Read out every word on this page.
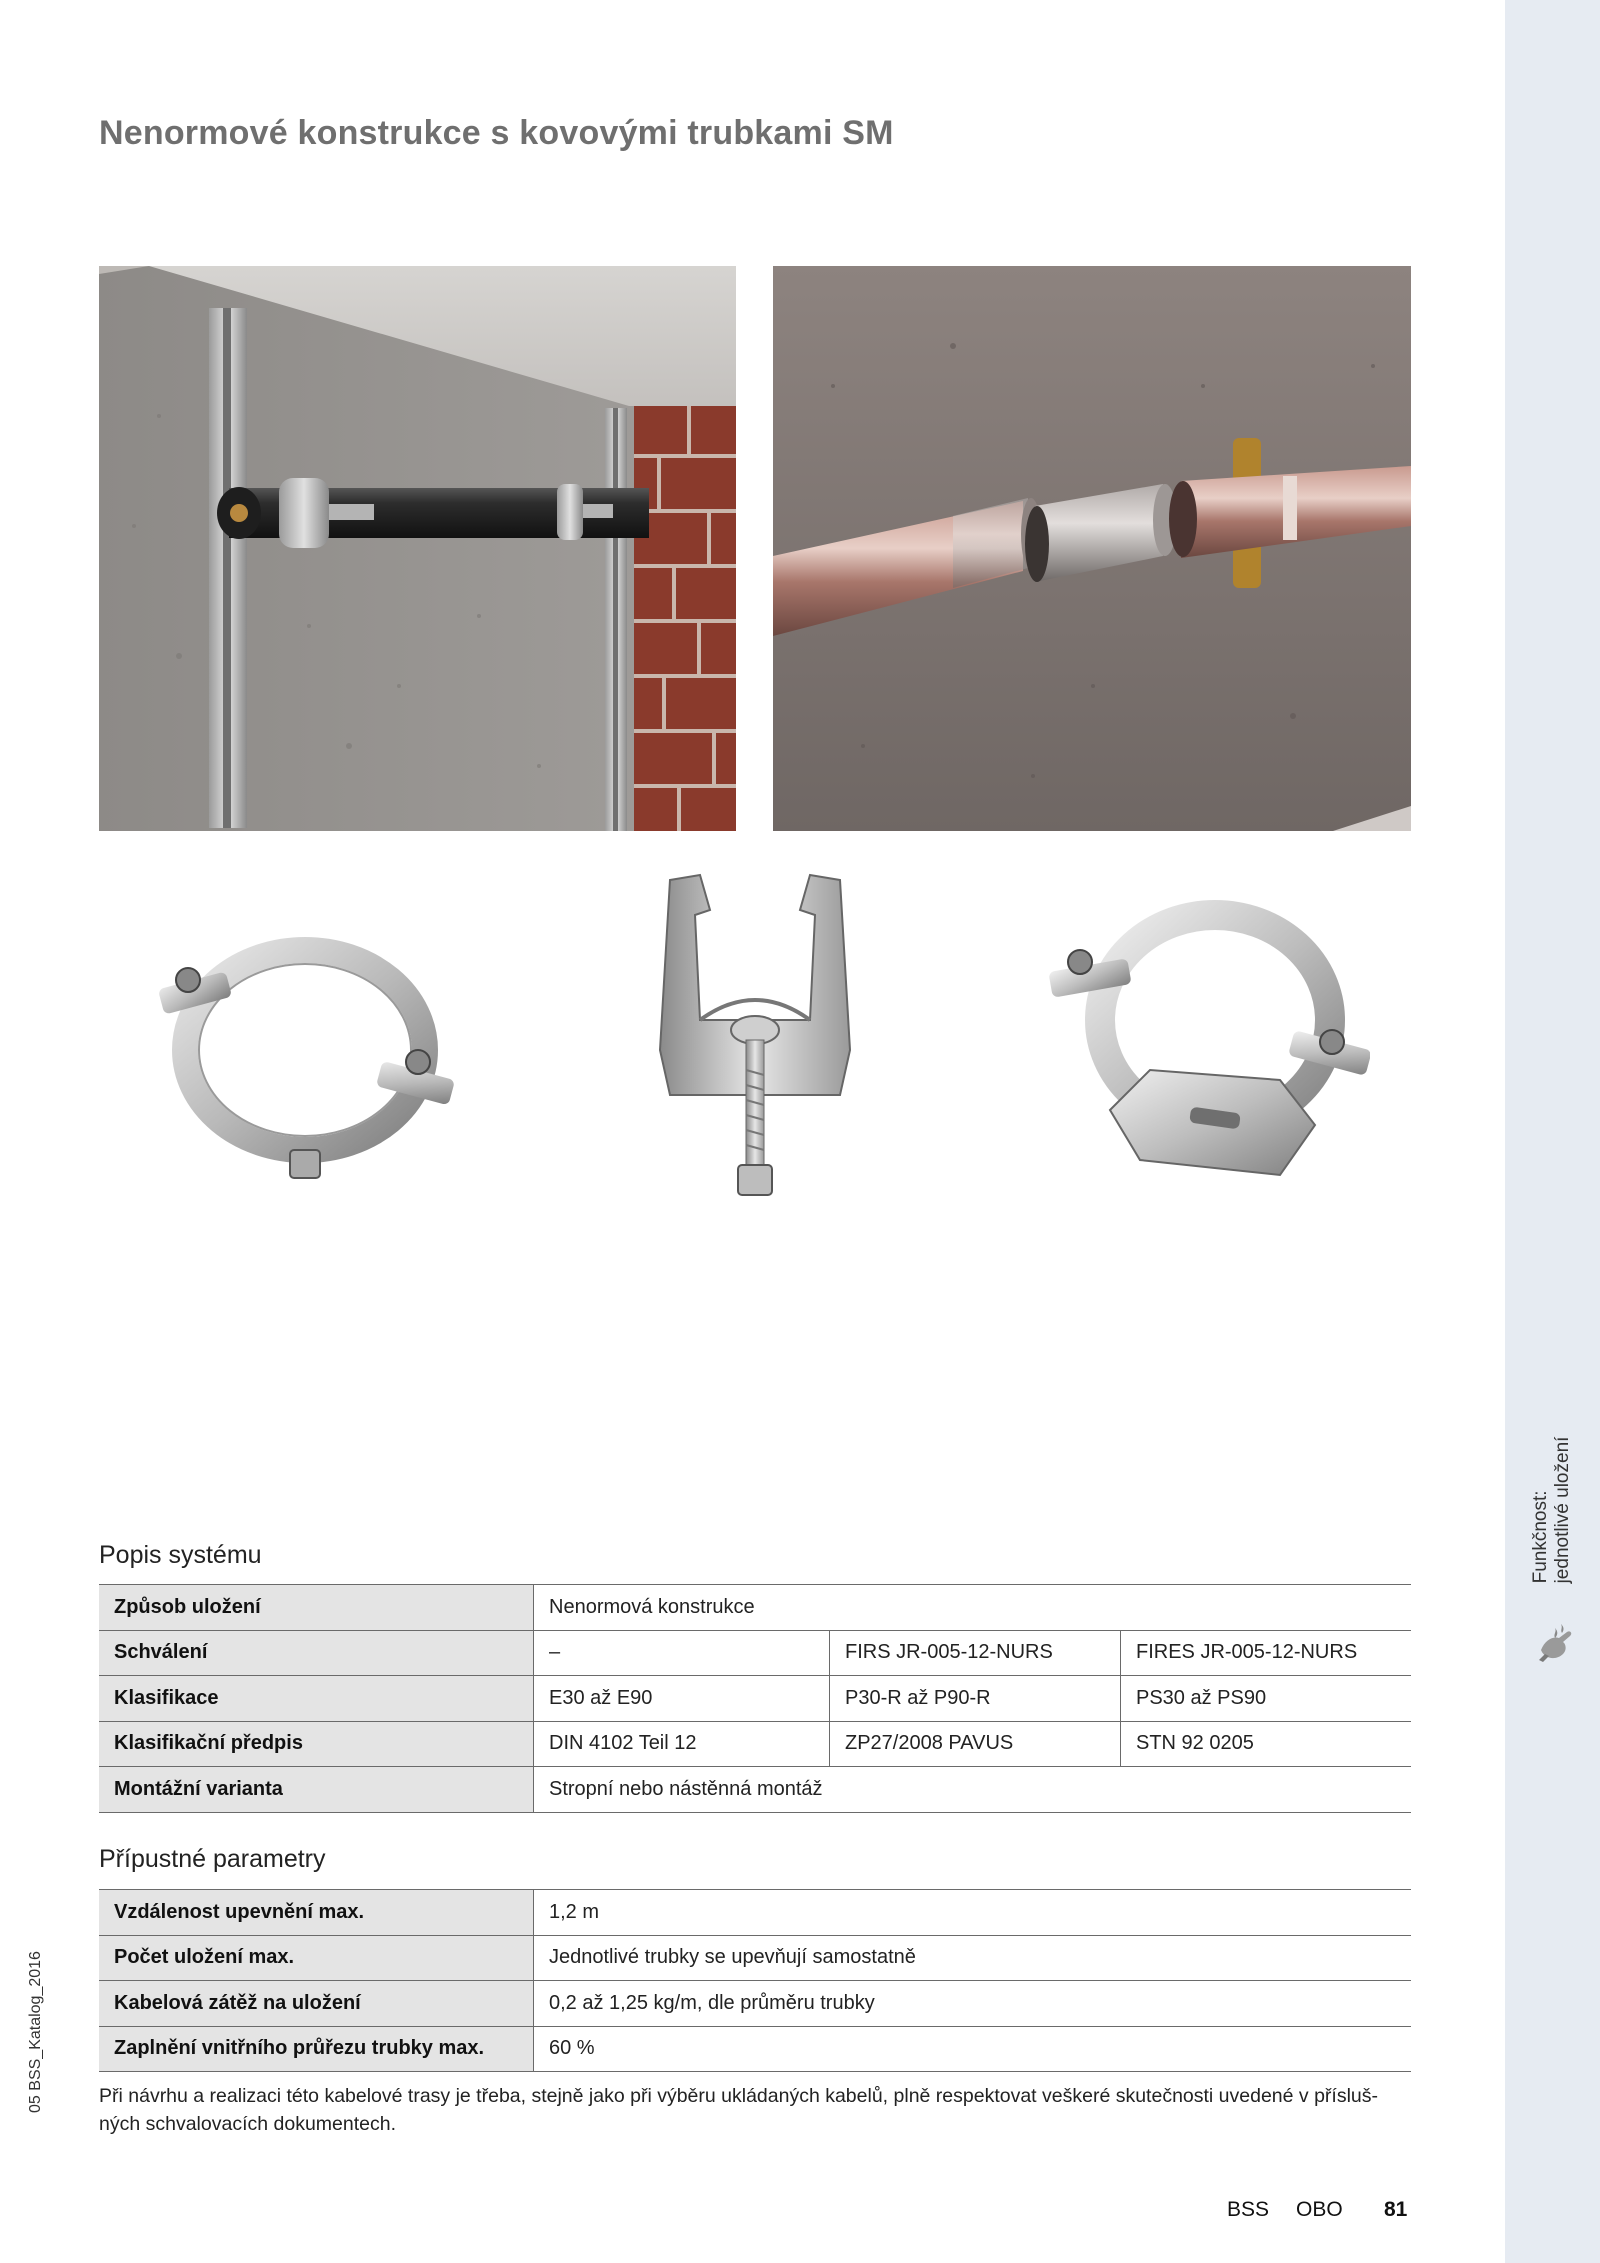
Funkčnost: jednotlivé uložení
Nenormové konstrukce s kovovými trubkami SM
Popis systému
Způsob uložení	Nenormová konstrukce		
Schválení	–	FIRS JR-005-12-NURS	FIRES JR-005-12-NURS
Klasifikace	E30 až E90	P30-R až P90-R	PS30 až PS90
Klasifikační předpis	DIN 4102 Teil 12	ZP27/2008 PAVUS	STN 92 0205
Montážní varianta	Stropní nebo nástěnná montáž		
Přípustné parametry
Vzdálenost upevnění max.	1,2 m
Počet uložení max.	Jednotlivé trubky se upevňují samostatně
Kabelová zátěž na uložení	0,2 až 1,25 kg/m, dle průměru trubky
Zaplnění vnitřního průřezu trubky max.	60 %

Při návrhu a realizaci této kabelové trasy je třeba, stejně jako při výběru ukládaných kabelů, plně respektovat veškeré skutečnosti uvedené v přísluš- ných schvalovacích dokumentech.

05 BSS_Katalog_2016
BSS OBO 81
